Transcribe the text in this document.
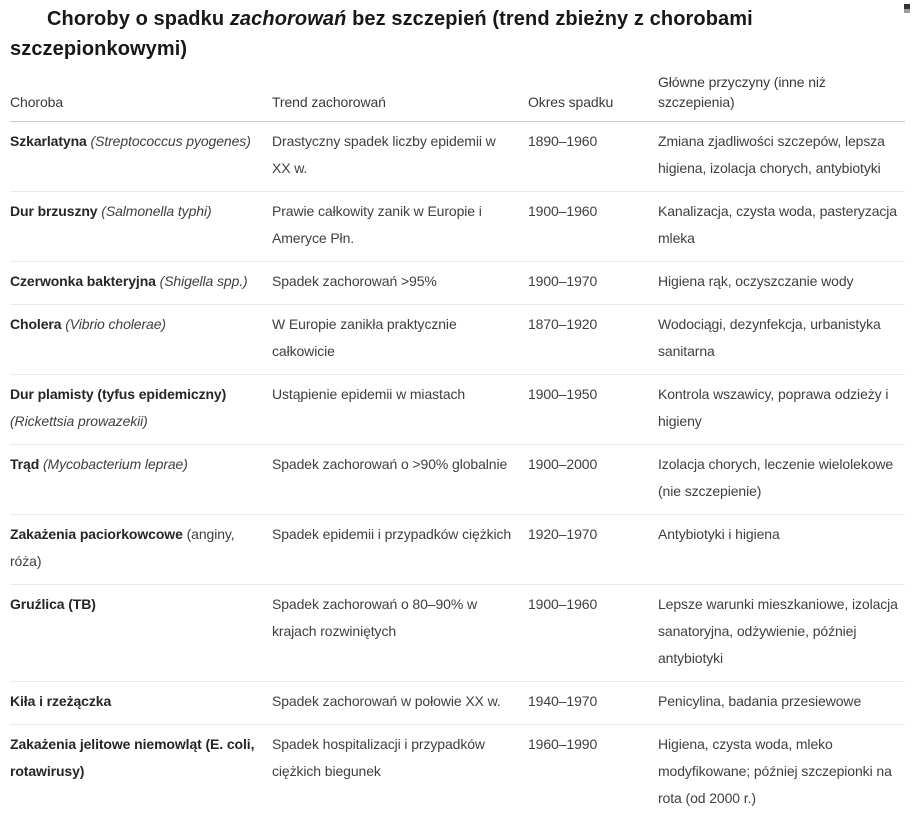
Choroby o spadku zachorowań bez szczepień (trend zbieżny z chorobami szczepionkowymi)
Choroba	Trend zachorowań	Okres spadku	Główne przyczyny (inne niż szczepienia)
Szkarlatyna (Streptococcus pyogenes)	Drastyczny spadek liczby epidemii w XX w.	1890–1960	Zmiana zjadliwości szczepów, lepsza higiena, izolacja chorych, antybiotyki
Dur brzuszny (Salmonella typhi)	Prawie całkowity zanik w Europie i Ameryce Płn.	1900–1960	Kanalizacja, czysta woda, pasteryzacja mleka
Czerwonka bakteryjna (Shigella spp.)	Spadek zachorowań >95%	1900–1970	Higiena rąk, oczyszczanie wody
Cholera (Vibrio cholerae)	W Europie zanikła praktycznie całkowicie	1870–1920	Wodociągi, dezynfekcja, urbanistyka sanitarna
Dur plamisty (tyfus epidemiczny) (Rickettsia prowazekii)	Ustąpienie epidemii w miastach	1900–1950	Kontrola wszawicy, poprawa odzieży i higieny
Trąd (Mycobacterium leprae)	Spadek zachorowań o >90% globalnie	1900–2000	Izolacja chorych, leczenie wielolekowe (nie szczepienie)
Zakażenia paciorkowcowe (anginy, róża)	Spadek epidemii i przypadków ciężkich	1920–1970	Antybiotyki i higiena
Gruźlica (TB)	Spadek zachorowań o 80–90% w krajach rozwiniętych	1900–1960	Lepsze warunki mieszkaniowe, izolacja sanatoryjna, odżywienie, później antybiotyki
Kiła i rzeżączka	Spadek zachorowań w połowie XX w.	1940–1970	Penicylina, badania przesiewowe
Zakażenia jelitowe niemowląt (E. coli, rotawirusy)	Spadek hospitalizacji i przypadków ciężkich biegunek	1960–1990	Higiena, czysta woda, mleko modyfikowane; później szczepionki na rota (od 2000 r.)
